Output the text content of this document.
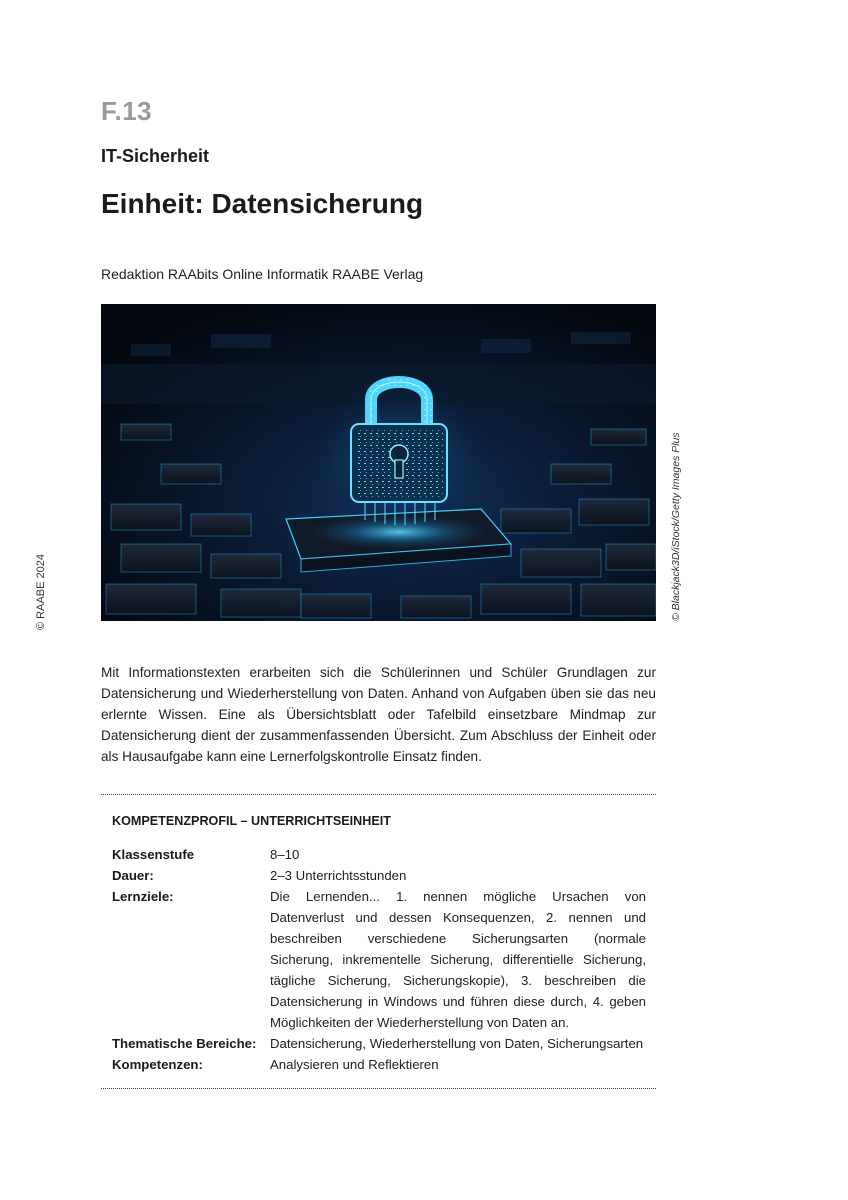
F.13
IT-Sicherheit
Einheit: Datensicherung
Redaktion RAAbits Online Informatik RAABE Verlag
© Blackjack3D/iStock/Getty Images Plus
© RAABE 2024

Mit Informationstexten erarbeiten sich die Schülerinnen und Schüler Grundlagen zur Datensicherung und Wiederherstellung von Daten. Anhand von Aufgaben üben sie das neu erlernte Wissen. Eine als Übersichtsblatt oder Tafelbild einsetzbare Mindmap zur Datensicherung dient der zusammenfassenden Übersicht. Zum Abschluss der Einheit oder als Hausaufgabe kann eine Lernerfolgskontrolle Einsatz finden.

KOMPETENZPROFIL – UNTERRICHTSEINHEIT
Klassenstufe	8–10
Dauer:	2–3 Unterrichtsstunden
Lernziele:	Die Lernenden... 1. nennen mögliche Ursachen von Datenverlust und dessen Konsequenzen, 2. nennen und beschreiben verschiedene Sicherungsarten (normale Sicherung, inkrementelle Sicherung, differentielle Sicherung, tägliche Sicherung, Sicherungskopie), 3. beschreiben die Datensicherung in Windows und führen diese durch, 4. geben Möglichkeiten der Wiederherstellung von Daten an.
Thematische Bereiche: Datensicherung, Wiederherstellung von Daten, Sicherungsarten
Kompetenzen:	Analysieren und Reflektieren
